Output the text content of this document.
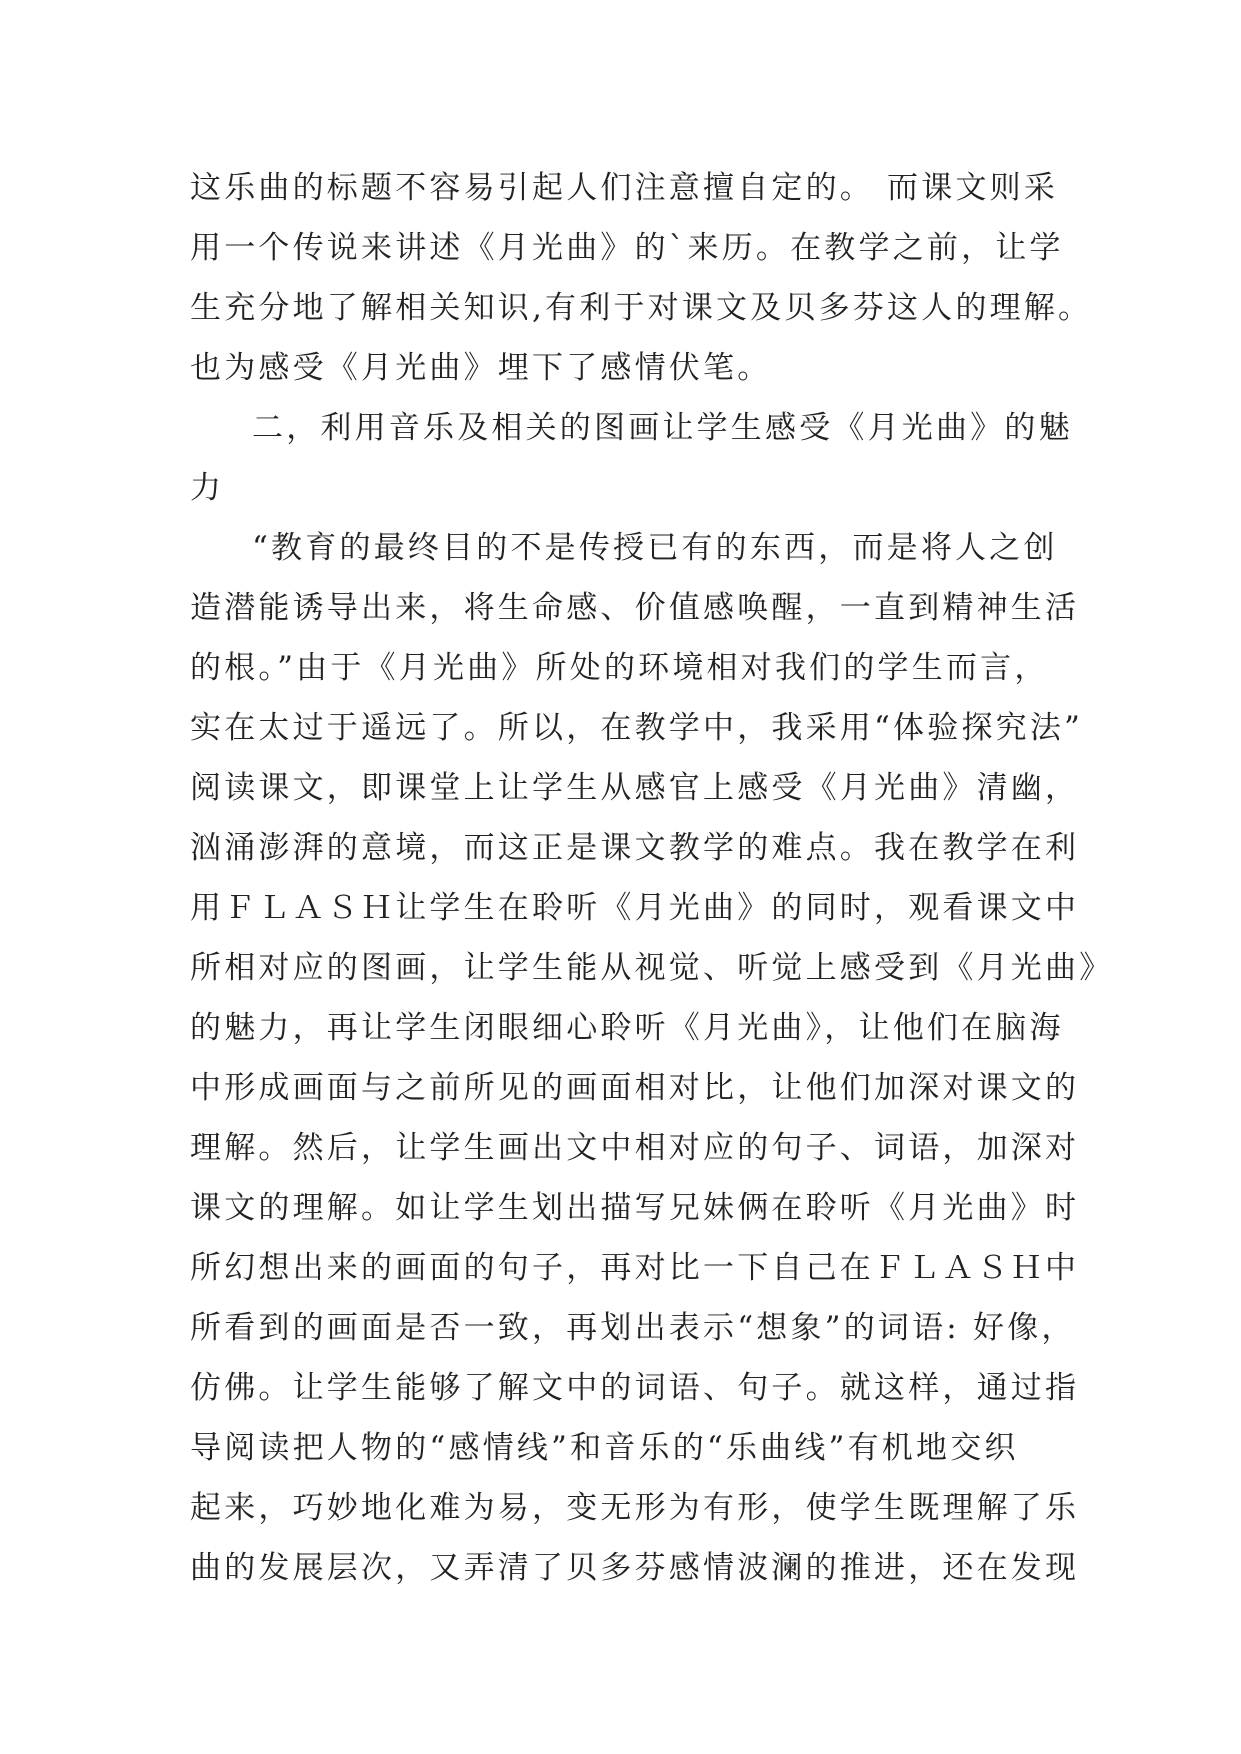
这乐曲的标题不容易引起人们注意擅自定的。 而课文则采
用一个传说来讲述《月光曲》的`来历。在教学之前，让学
生充分地了解相关知识,有利于对课文及贝多芬这人的理解。
也为感受《月光曲》埋下了感情伏笔。
二，利用音乐及相关的图画让学生感受《月光曲》的魅
力
“教育的最终目的不是传授已有的东西，而是将人之创
造潜能诱导出来，将生命感、价值感唤醒，一直到精神生活
的根。”由于《月光曲》所处的环境相对我们的学生而言，
实在太过于遥远了。所以，在教学中，我采用“体验探究法”
阅读课文，即课堂上让学生从感官上感受《月光曲》清幽，
汹涌澎湃的意境，而这正是课文教学的难点。我在教学在利
用ＦＬＡＳＨ让学生在聆听《月光曲》的同时，观看课文中
所相对应的图画，让学生能从视觉、听觉上感受到《月光曲》
的魅力，再让学生闭眼细心聆听《月光曲》，让他们在脑海
中形成画面与之前所见的画面相对比，让他们加深对课文的
理解。然后，让学生画出文中相对应的句子、词语，加深对
课文的理解。如让学生划出描写兄妹俩在聆听《月光曲》时
所幻想出来的画面的句子，再对比一下自己在ＦＬＡＳＨ中
所看到的画面是否一致，再划出表示“想象”的词语: 好像，
仿佛。让学生能够了解文中的词语、句子。就这样，通过指
导阅读把人物的“感情线”和音乐的“乐曲线”有机地交织
起来，巧妙地化难为易，变无形为有形，使学生既理解了乐
曲的发展层次，又弄清了贝多芬感情波澜的推进，还在发现
